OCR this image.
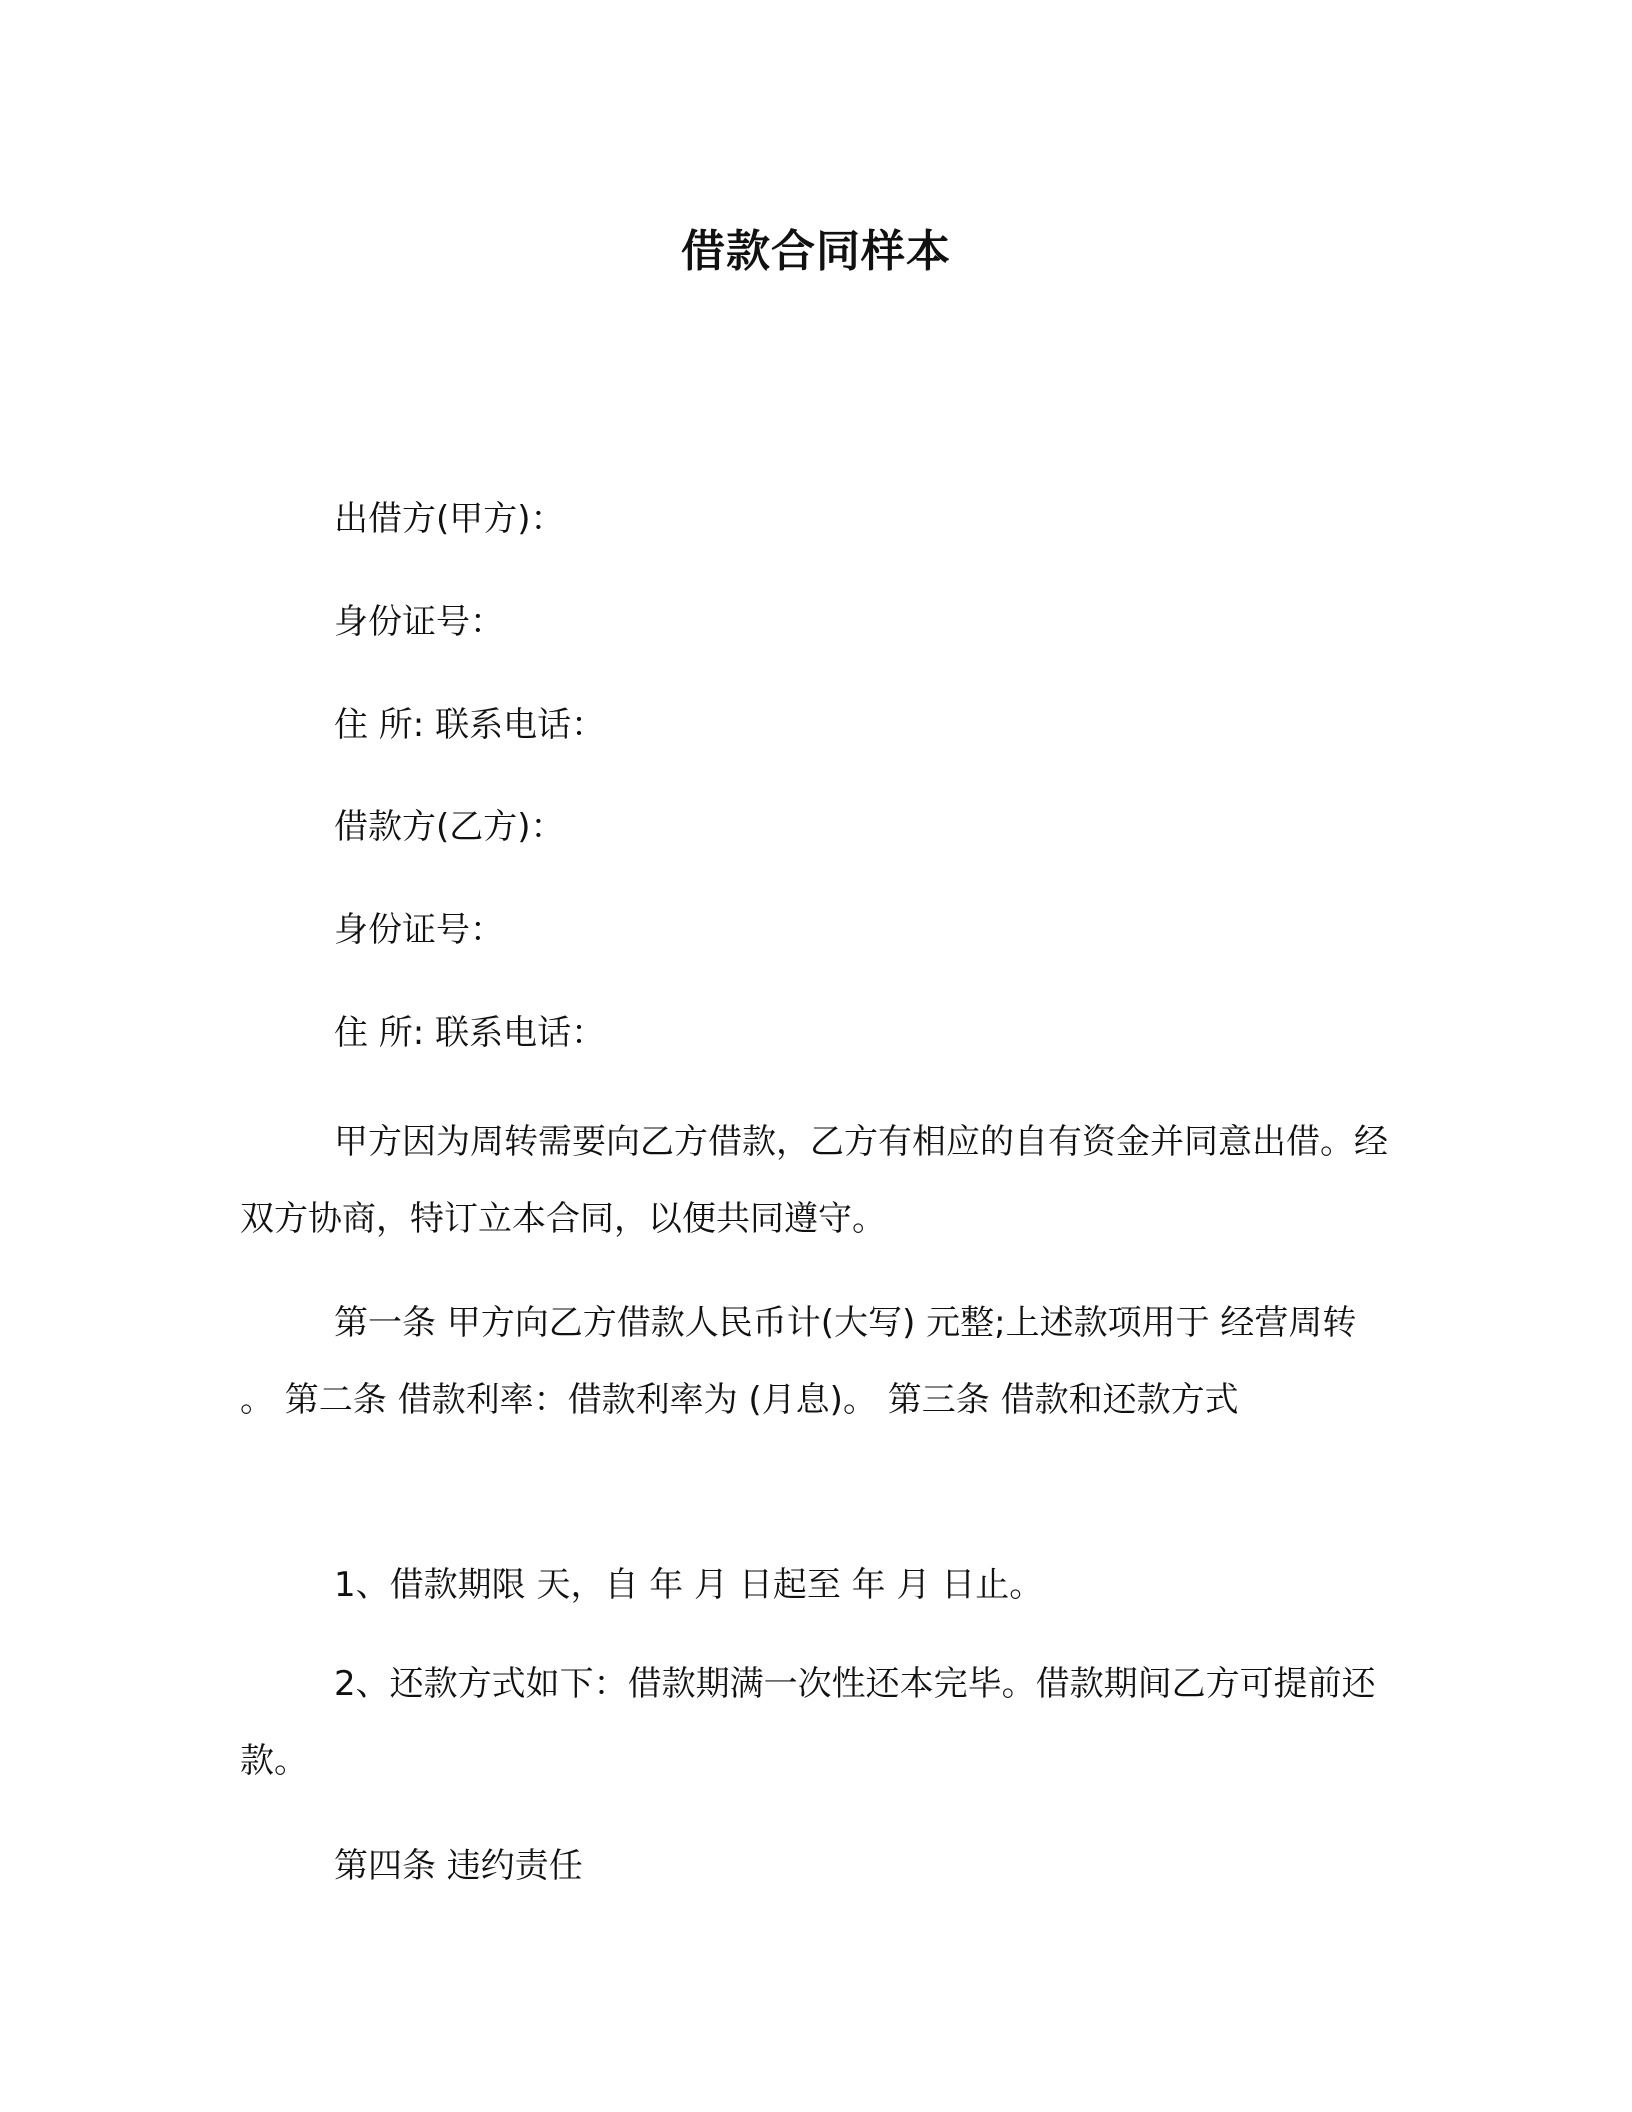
借款合同样本
出借方(甲方)：
身份证号：
住 所: 联系电话：
借款方(乙方)：
身份证号：
住 所: 联系电话：
甲方因为周转需要向乙方借款，乙方有相应的自有资金并同意出借。经双方协商，特订立本合同，以便共同遵守。
第一条 甲方向乙方借款人民币计(大写) 元整;上述款项用于 经营周转 。 第二条 借款利率：借款利率为 (月息)。 第三条 借款和还款方式
1、借款期限 天，自 年 月 日起至 年 月 日止。
2、还款方式如下：借款期满一次性还本完毕。借款期间乙方可提前还款。
第四条 违约责任
